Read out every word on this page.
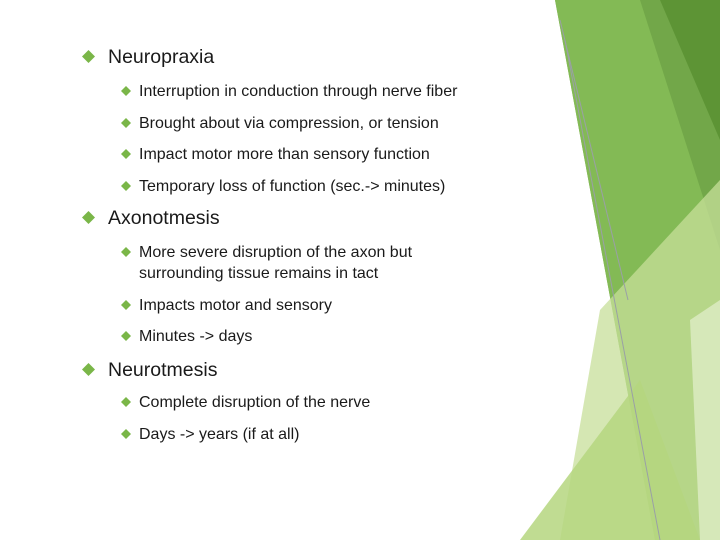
Neuropraxia
Interruption in conduction through nerve fiber
Brought about via compression, or tension
Impact motor more than sensory function
Temporary loss of function (sec.-> minutes)
Axonotmesis
More severe disruption of the axon but
surrounding tissue remains in tact
Impacts motor and sensory
Minutes -> days
Neurotmesis
Complete disruption of the nerve
Days -> years (if at all)
